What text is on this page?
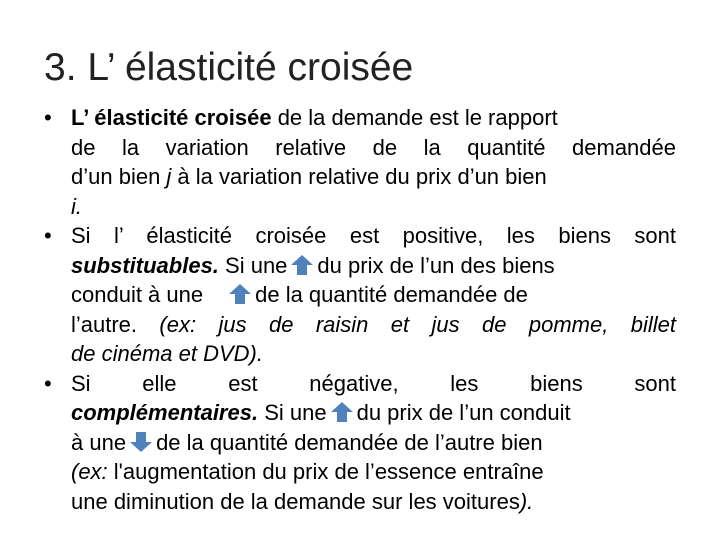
3. L’ élasticité croisée
• L’ élasticité croisée de la demande est le rapport
de la variation relative de la quantité demandée
d’un bien j à la variation relative du prix d’un bien
i.
• Si l’ élasticité croisée est positive, les biens sont
substituables. Si une du prix de l’un des biens
conduit à une de la quantité demandée de
l’autre. (ex: jus de raisin et jus de pomme, billet
de cinéma et DVD).
• Si elle est négative, les biens sont
complémentaires. Si une du prix de l’un conduit
à une de la quantité demandée de l’autre bien
(ex: l'augmentation du prix de l’essence entraîne
une diminution de la demande sur les voitures).
